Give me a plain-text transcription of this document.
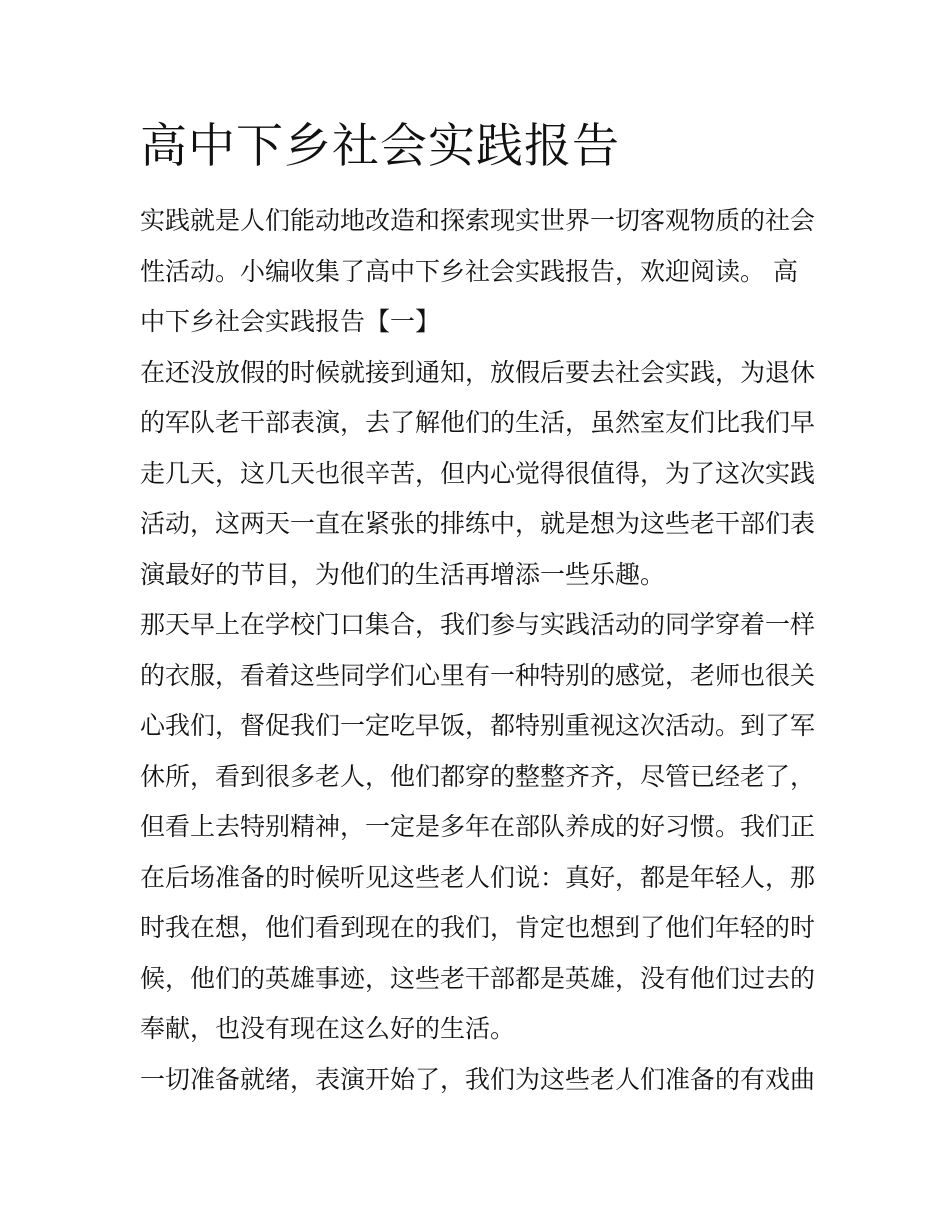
高中下乡社会实践报告
实践就是人们能动地改造和探索现实世界一切客观物质的社会
性活动。小编收集了高中下乡社会实践报告，欢迎阅读。 高
中下乡社会实践报告【一】
在还没放假的时候就接到通知，放假后要去社会实践，为退休
的军队老干部表演，去了解他们的生活，虽然室友们比我们早
走几天，这几天也很辛苦，但内心觉得很值得，为了这次实践
活动，这两天一直在紧张的排练中，就是想为这些老干部们表
演最好的节目，为他们的生活再增添一些乐趣。
那天早上在学校门口集合，我们参与实践活动的同学穿着一样
的衣服，看着这些同学们心里有一种特别的感觉，老师也很关
心我们，督促我们一定吃早饭，都特别重视这次活动。到了军
休所，看到很多老人，他们都穿的整整齐齐，尽管已经老了，
但看上去特别精神，一定是多年在部队养成的好习惯。我们正
在后场准备的时候听见这些老人们说：真好，都是年轻人，那
时我在想，他们看到现在的我们，肯定也想到了他们年轻的时
候，他们的英雄事迹，这些老干部都是英雄，没有他们过去的
奉献，也没有现在这么好的生活。
一切准备就绪，表演开始了，我们为这些老人们准备的有戏曲
